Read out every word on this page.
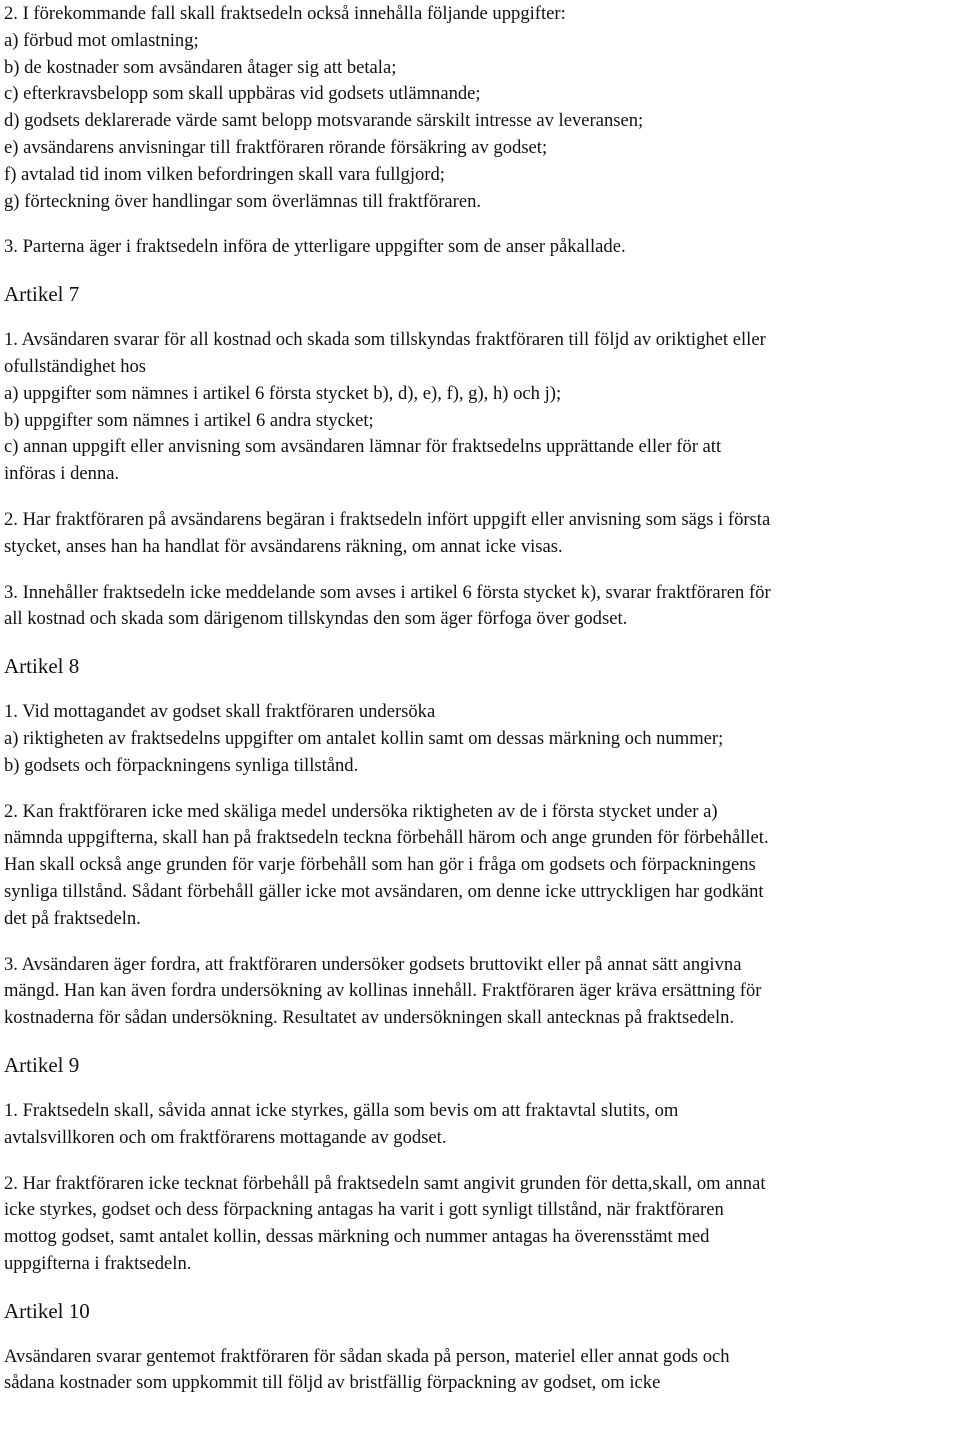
2. I förekommande fall skall fraktsedeln också innehålla följande uppgifter:

a) förbud mot omlastning;

b) de kostnader som avsändaren åtager sig att betala;

c) efterkravsbelopp som skall uppbäras vid godsets utlämnande;

d) godsets deklarerade värde samt belopp motsvarande särskilt intresse av leveransen;

e) avsändarens anvisningar till fraktföraren rörande försäkring av godset;

f) avtalad tid inom vilken befordringen skall vara fullgjord;

g) förteckning över handlingar som överlämnas till fraktföraren.

3. Parterna äger i fraktsedeln införa de ytterligare uppgifter som de anser påkallade.

Artikel 7

1. Avsändaren svarar för all kostnad och skada som tillskyndas fraktföraren till följd av oriktighet eller

ofullständighet hos

a) uppgifter som nämnes i artikel 6 första stycket b), d), e), f), g), h) och j);

b) uppgifter som nämnes i artikel 6 andra stycket;

c) annan uppgift eller anvisning som avsändaren lämnar för fraktsedelns upprättande eller för att

införas i denna.

2. Har fraktföraren på avsändarens begäran i fraktsedeln infört uppgift eller anvisning som sägs i första

stycket, anses han ha handlat för avsändarens räkning, om annat icke visas.

3. Innehåller fraktsedeln icke meddelande som avses i artikel 6 första stycket k), svarar fraktföraren för

all kostnad och skada som därigenom tillskyndas den som äger förfoga över godset.

Artikel 8

1. Vid mottagandet av godset skall fraktföraren undersöka

a) riktigheten av fraktsedelns uppgifter om antalet kollin samt om dessas märkning och nummer;

b) godsets och förpackningens synliga tillstånd.

2. Kan fraktföraren icke med skäliga medel undersöka riktigheten av de i första stycket under a)

nämnda uppgifterna, skall han på fraktsedeln teckna förbehåll härom och ange grunden för förbehållet.

Han skall också ange grunden för varje förbehåll som han gör i fråga om godsets och förpackningens

synliga tillstånd. Sådant förbehåll gäller icke mot avsändaren, om denne icke uttryckligen har godkänt

det på fraktsedeln.

3. Avsändaren äger fordra, att fraktföraren undersöker godsets bruttovikt eller på annat sätt angivna

mängd. Han kan även fordra undersökning av kollinas innehåll. Fraktföraren äger kräva ersättning för

kostnaderna för sådan undersökning. Resultatet av undersökningen skall antecknas på fraktsedeln.

Artikel 9

1. Fraktsedeln skall, såvida annat icke styrkes, gälla som bevis om att fraktavtal slutits, om

avtalsvillkoren och om fraktförarens mottagande av godset.

2. Har fraktföraren icke tecknat förbehåll på fraktsedeln samt angivit grunden för detta,skall, om annat

icke styrkes, godset och dess förpackning antagas ha varit i gott synligt tillstånd, när fraktföraren

mottog godset, samt antalet kollin, dessas märkning och nummer antagas ha överensstämt med

uppgifterna i fraktsedeln.

Artikel 10

Avsändaren svarar gentemot fraktföraren för sådan skada på person, materiel eller annat gods och

sådana kostnader som uppkommit till följd av bristfällig förpackning av godset, om icke
